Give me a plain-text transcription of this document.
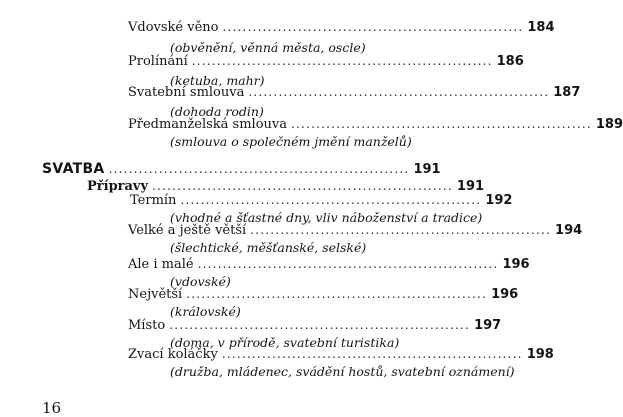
Vdovské věno ............................................................ 184
(obvěnění, věnná města, oscle)
Prolínání ............................................................ 186
(ketuba, mahr)
Svatební smlouva ............................................................ 187
(dohoda rodin)
Předmanželská smlouva ............................................................ 189
(smlouva o společném jmění manželů)
SVATBA ............................................................ 191
Přípravy ............................................................ 191
Termín ............................................................ 192
(vhodné a šťastné dny, vliv náboženství a tradice)
Velké a ještě větší ............................................................ 194
(šlechtické, měšťanské, selské)
Ale i malé ............................................................ 196
(vdovské)
Největší ............................................................ 196
(královské)
Místo ............................................................ 197
(doma, v přírodě, svatební turistika)
Zvací koláčky ............................................................ 198
(družba, mládenec, svádění hostů, svatební oznámení)
16
